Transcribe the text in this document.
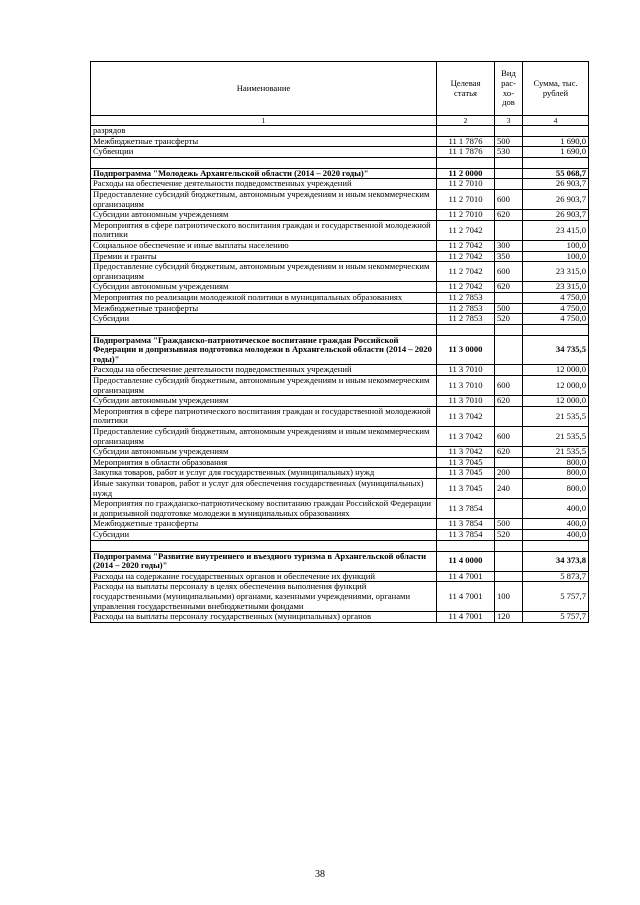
Наименование	Целевая статья	Вид рас-хо-дов	Сумма, тыс. рублей
1	2	3	4
разрядов			
Межбюджетные трансферты	11 1 7876	500	1 690,0
Субвенции	11 1 7876	530	1 690,0

Подпрограмма "Молодежь Архангельской области (2014 – 2020 годы)"	11 2 0000		55 068,7
Расходы на обеспечение деятельности подведомственных учреждений	11 2 7010		26 903,7
Предоставление субсидий бюджетным, автономным учреждениям и иным некоммерческим организациям	11 2 7010	600	26 903,7
Субсидии автономным учреждениям	11 2 7010	620	26 903,7
Мероприятия в сфере патриотического воспитания граждан и государственной молодежной политики	11 2 7042		23 415,0
Социальное обеспечение и иные выплаты населению	11 2 7042	300	100,0
Премии и гранты	11 2 7042	350	100,0
Предоставление субсидий бюджетным, автономным учреждениям и иным некоммерческим организациям	11 2 7042	600	23 315,0
Субсидии автономным учреждениям	11 2 7042	620	23 315,0
Мероприятия по реализации молодежной политики в муниципальных образованиях	11 2 7853		4 750,0
Межбюджетные трансферты	11 2 7853	500	4 750,0
Субсидии	11 2 7853	520	4 750,0

Подпрограмма "Гражданско-патриотическое воспитание граждан Российской Федерации и допризывная подготовка молодежи в Архангельской области (2014 – 2020 годы)"	11 3 0000		34 735,5
Расходы на обеспечение деятельности подведомственных учреждений	11 3 7010		12 000,0
Предоставление субсидий бюджетным, автономным учреждениям и иным некоммерческим организациям	11 3 7010	600	12 000,0
Субсидии автономным учреждениям	11 3 7010	620	12 000,0
Мероприятия в сфере патриотического воспитания граждан и государственной молодежной политики	11 3 7042		21 535,5
Предоставление субсидий бюджетным, автономным учреждениям и иным некоммерческим организациям	11 3 7042	600	21 535,5
Субсидии автономным учреждениям	11 3 7042	620	21 535,5
Мероприятия в области образования	11 3 7045		800,0
Закупка товаров, работ и услуг для государственных (муниципальных) нужд	11 3 7045	200	800,0
Иные закупки товаров, работ и услуг для обеспечения государственных (муниципальных) нужд	11 3 7045	240	800,0
Мероприятия по гражданско-патриотическому воспитанию граждан Российской Федерации и допризывной подготовке молодежи в муниципальных образованиях	11 3 7854		400,0
Межбюджетные трансферты	11 3 7854	500	400,0
Субсидии	11 3 7854	520	400,0

Подпрограмма "Развитие внутреннего и въездного туризма в Архангельской области (2014 – 2020 годы)"	11 4 0000		34 373,8
Расходы на содержание государственных органов и обеспечение их функций	11 4 7001		5 873,7
Расходы на выплаты персоналу в целях обеспечения выполнения функций государственными (муниципальными) органами, казенными учреждениями, органами управления государственными внебюджетными фондами	11 4 7001	100	5 757,7
Расходы на выплаты персоналу государственных (муниципальных) органов	11 4 7001	120	5 757,7
38
